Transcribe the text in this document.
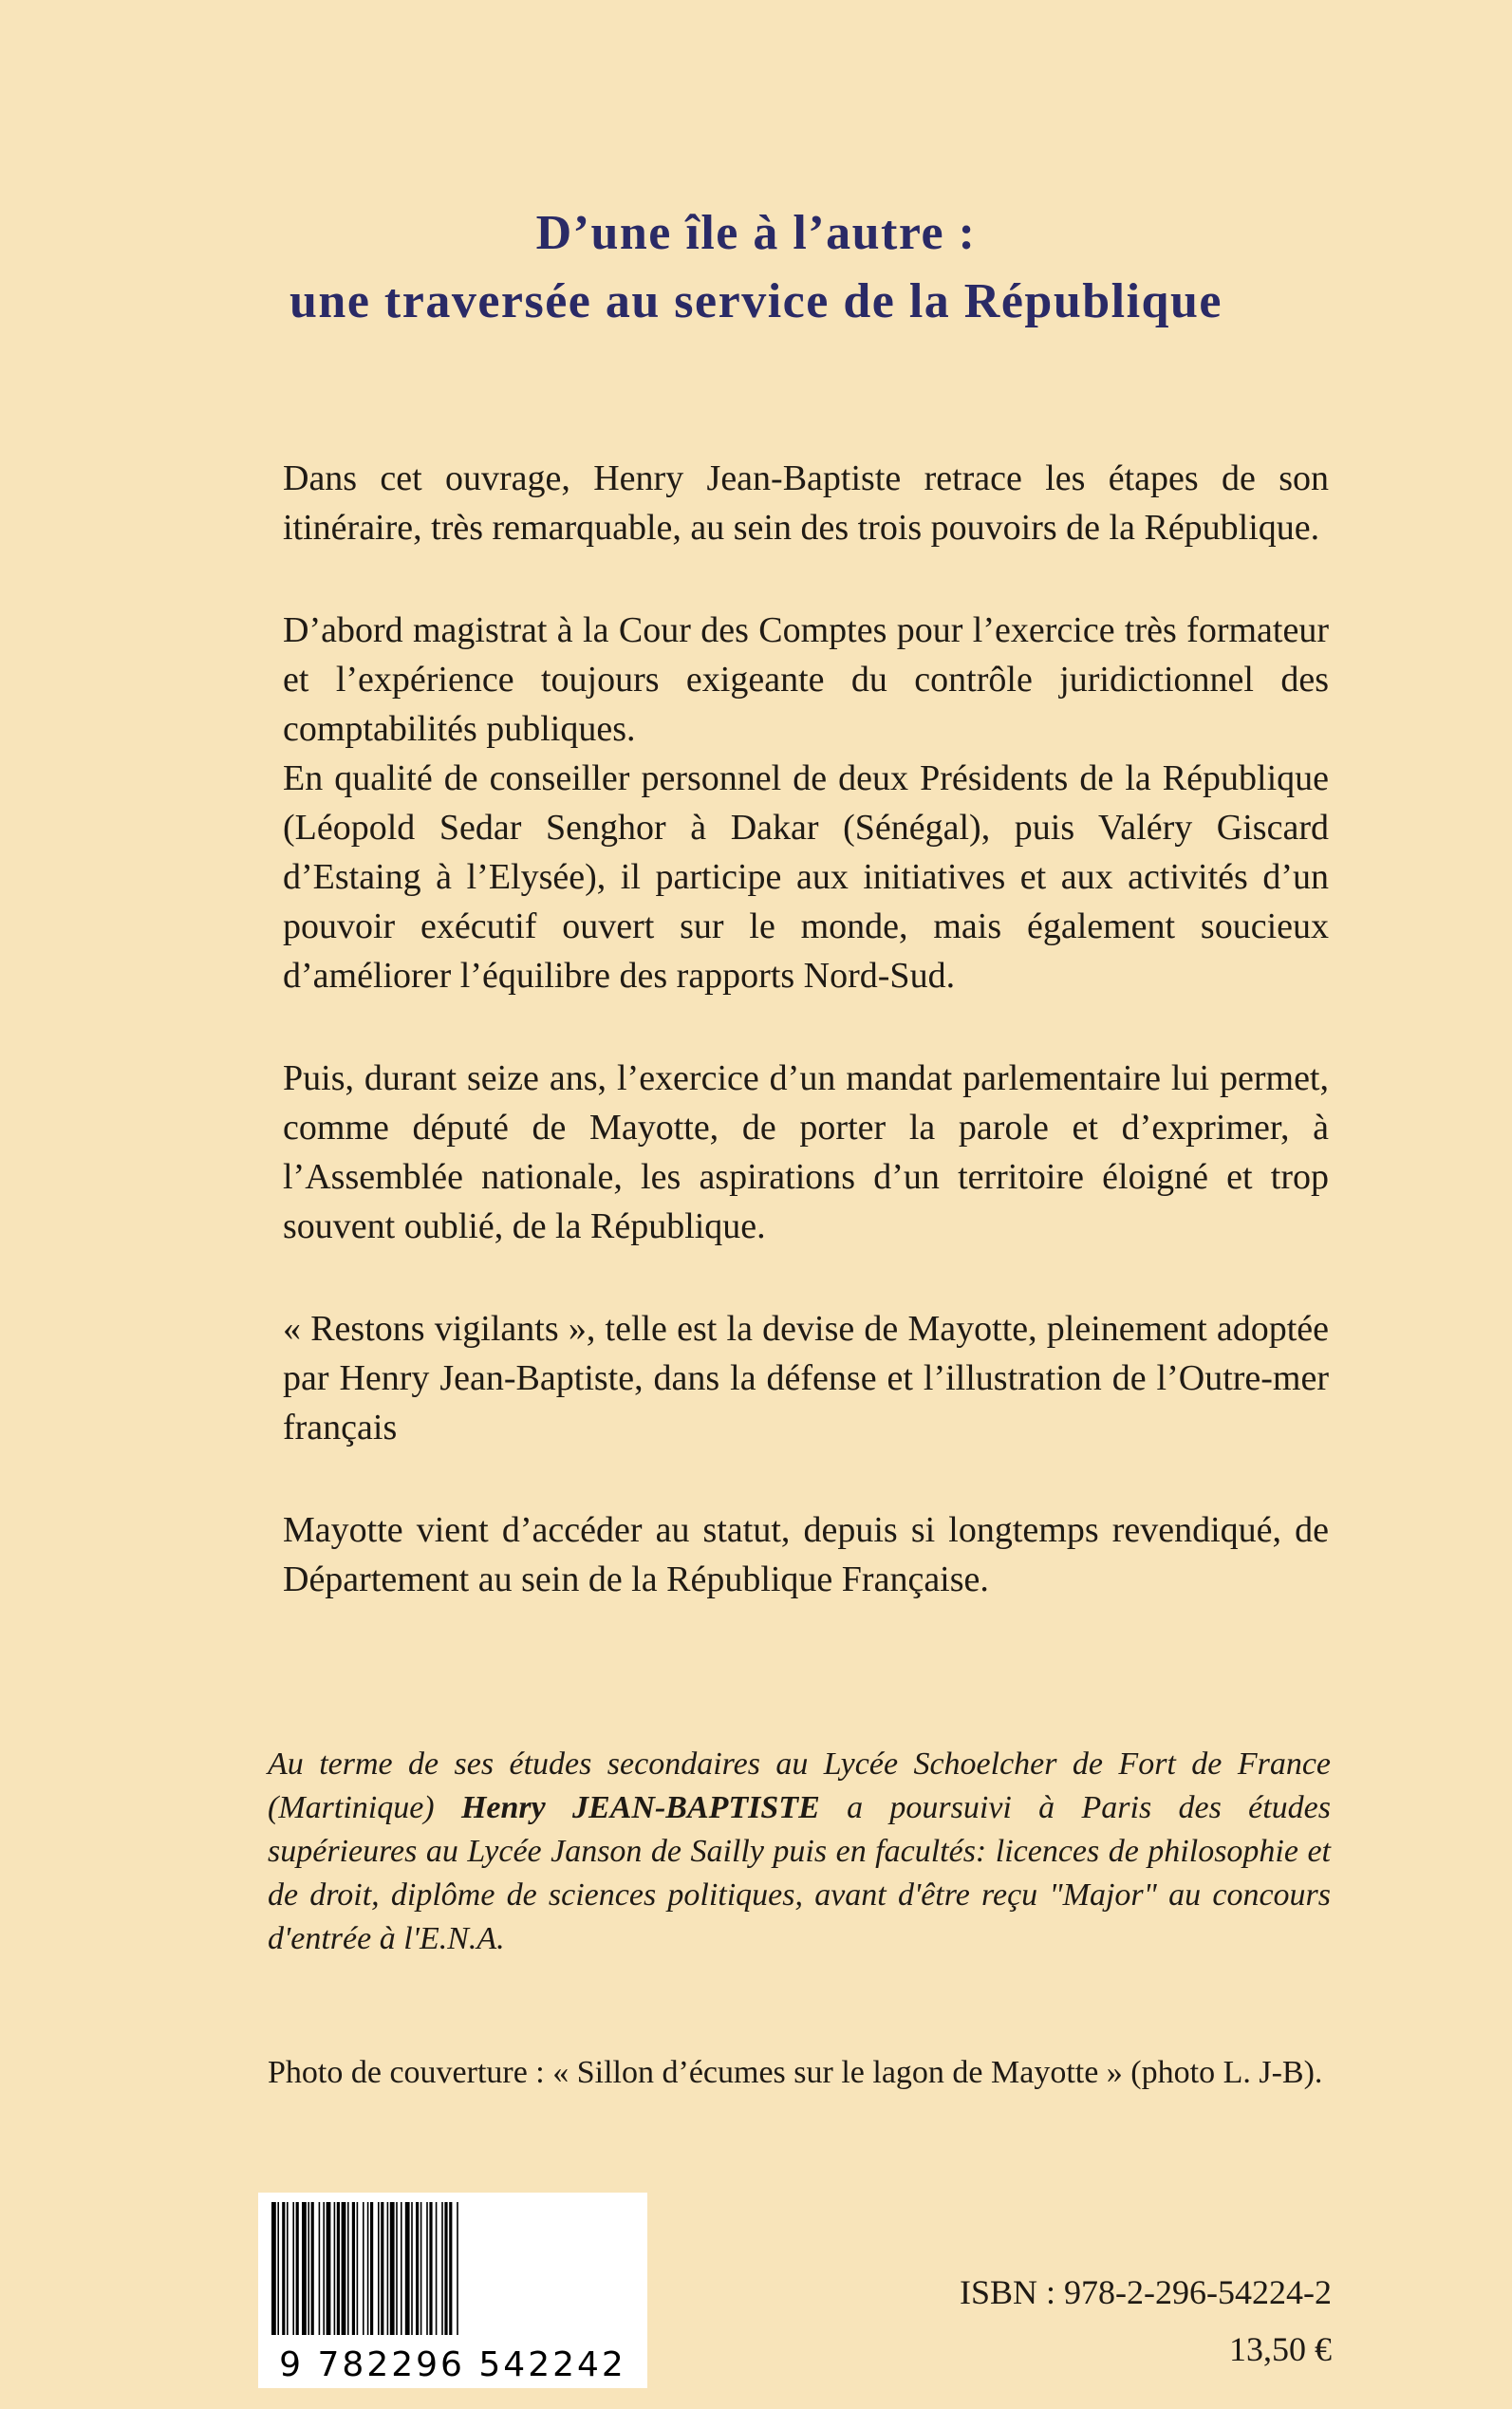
D’une île à l’autre :
une traversée au service de la République

Dans cet ouvrage, Henry Jean-Baptiste retrace les étapes de son itinéraire, très remarquable, au sein des trois pouvoirs de la République.

D’abord magistrat à la Cour des Comptes pour l’exercice très formateur et l’expérience toujours exigeante du contrôle juridictionnel des comptabilités publiques.

En qualité de conseiller personnel de deux Présidents de la République (Léopold Sedar Senghor à Dakar (Sénégal), puis Valéry Giscard d’Estaing à l’Elysée), il participe aux initiatives et aux activités d’un pouvoir exécutif ouvert sur le monde, mais également soucieux d’améliorer l’équilibre des rapports Nord-Sud.

Puis, durant seize ans, l’exercice d’un mandat parlementaire lui permet, comme député de Mayotte, de porter la parole et d’exprimer, à l’Assemblée nationale, les aspirations d’un territoire éloigné et trop souvent oublié, de la République.

« Restons vigilants », telle est la devise de Mayotte, pleinement adoptée par Henry Jean-Baptiste, dans la défense et l’illustration de l’Outre-mer français

Mayotte vient d’accéder au statut, depuis si longtemps revendiqué, de Département au sein de la République Française.

Au terme de ses études secondaires au Lycée Schoelcher de Fort de France (Martinique) Henry JEAN-BAPTISTE a poursuivi à Paris des études supérieures au Lycée Janson de Sailly puis en facultés: licences de philosophie et de droit, diplôme de sciences politiques, avant d'être reçu "Major" au concours d'entrée à l'E.N.A.
Photo de couverture : « Sillon d’écumes sur le lagon de Mayotte » (photo L. J-B).
9 782296 542242
ISBN : 978-2-296-54224-2
13,50 €
